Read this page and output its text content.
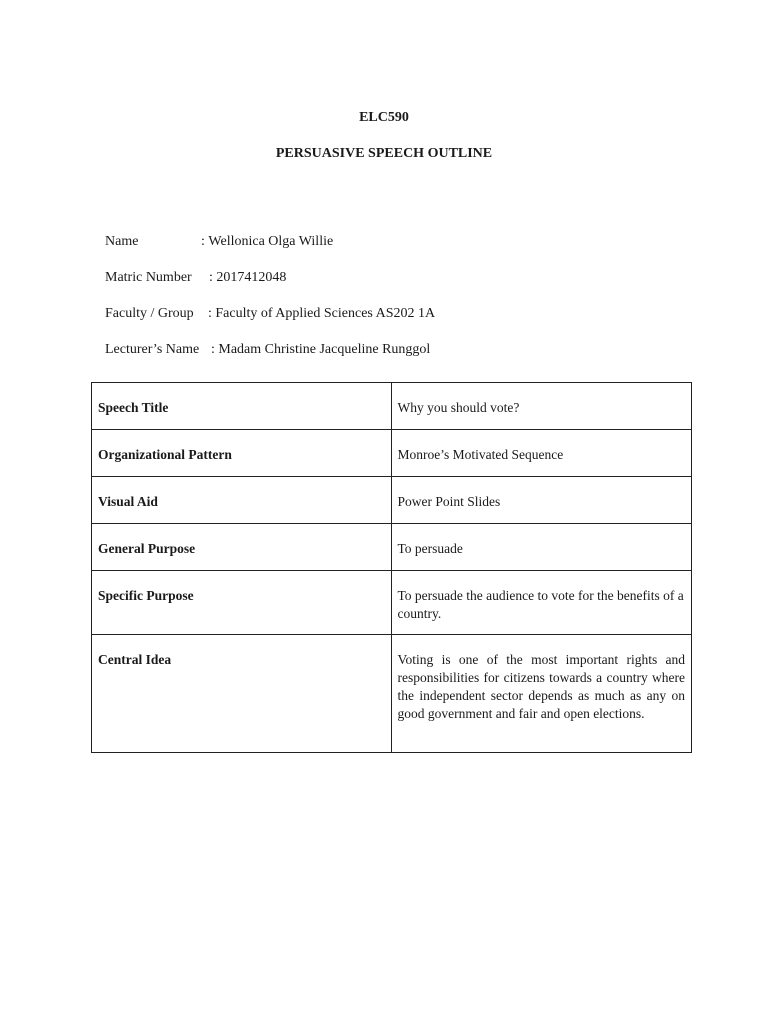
ELC590
PERSUASIVE SPEECH OUTLINE

Name	: Wellonica Olga Willie

Matric Number : 2017412048

Faculty / Group : Faculty of Applied Sciences AS202 1A

Lecturer’s Name : Madam Christine Jacqueline Runggol

Speech Title	Why you should vote?
Organizational Pattern	Monroe’s Motivated Sequence
Visual Aid	Power Point Slides
General Purpose	To persuade
Specific Purpose	To persuade the audience to vote for the benefits of a country.
Central Idea	Voting is one of the most important rights and responsibilities for citizens towards a country where the independent sector depends as much as any on good government and fair and open elections.
